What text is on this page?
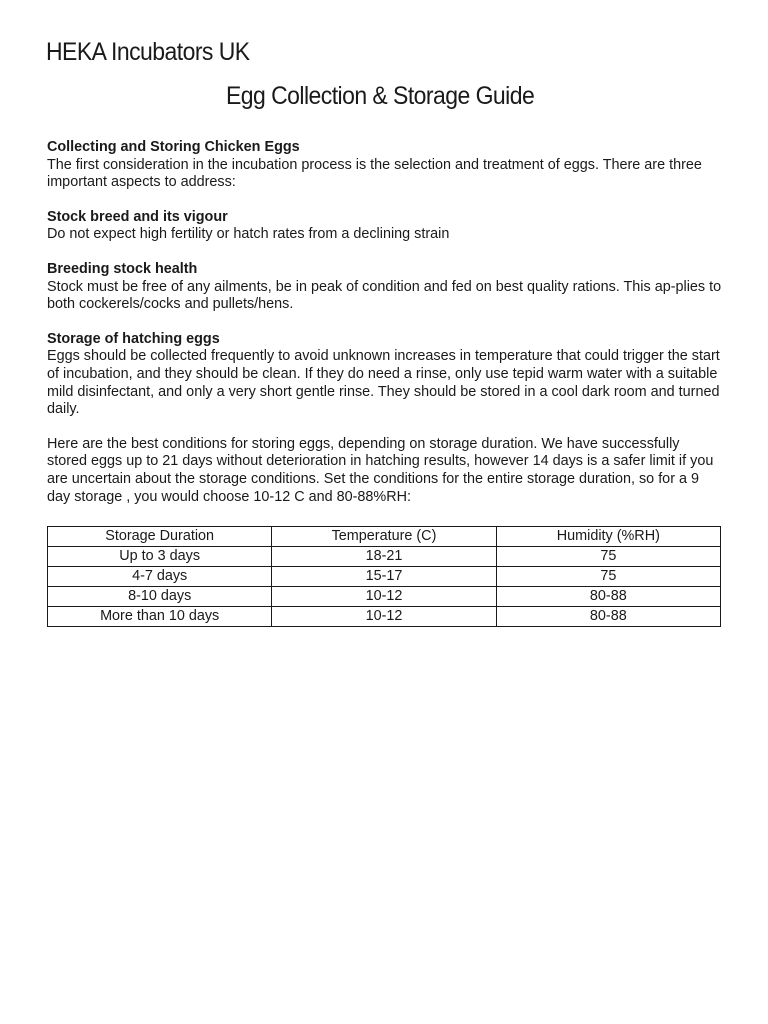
HEKA Incubators UK
Egg Collection & Storage Guide
Collecting and Storing Chicken Eggs

The first consideration in the incubation process is the selection and treatment of eggs. There are three important aspects to address:

Stock breed and its vigour

Do not expect high fertility or hatch rates from a declining strain

Breeding stock health

Stock must be free of any ailments, be in peak of condition and fed on best quality rations. This ap-plies to both cockerels/cocks and pullets/hens.

Storage of hatching eggs

Eggs should be collected frequently to avoid unknown increases in temperature that could trigger the start of incubation, and they should be clean. If they do need a rinse, only use tepid warm water with a suitable mild disinfectant, and only a very short gentle rinse. They should be stored in a cool dark room and turned daily.

Here are the best conditions for storing eggs, depending on storage duration. We have successfully stored eggs up to 21 days without deterioration in hatching results, however 14 days is a safer limit if you are uncertain about the storage conditions. Set the conditions for the entire storage duration, so for a 9 day storage , you would choose 10-12 C and 80-88%RH:

Storage Duration	Temperature (C)	Humidity (%RH)
Up to 3 days	18-21	75
4-7 days	15-17	75
8-10 days	10-12	80-88
More than 10 days	10-12	80-88
